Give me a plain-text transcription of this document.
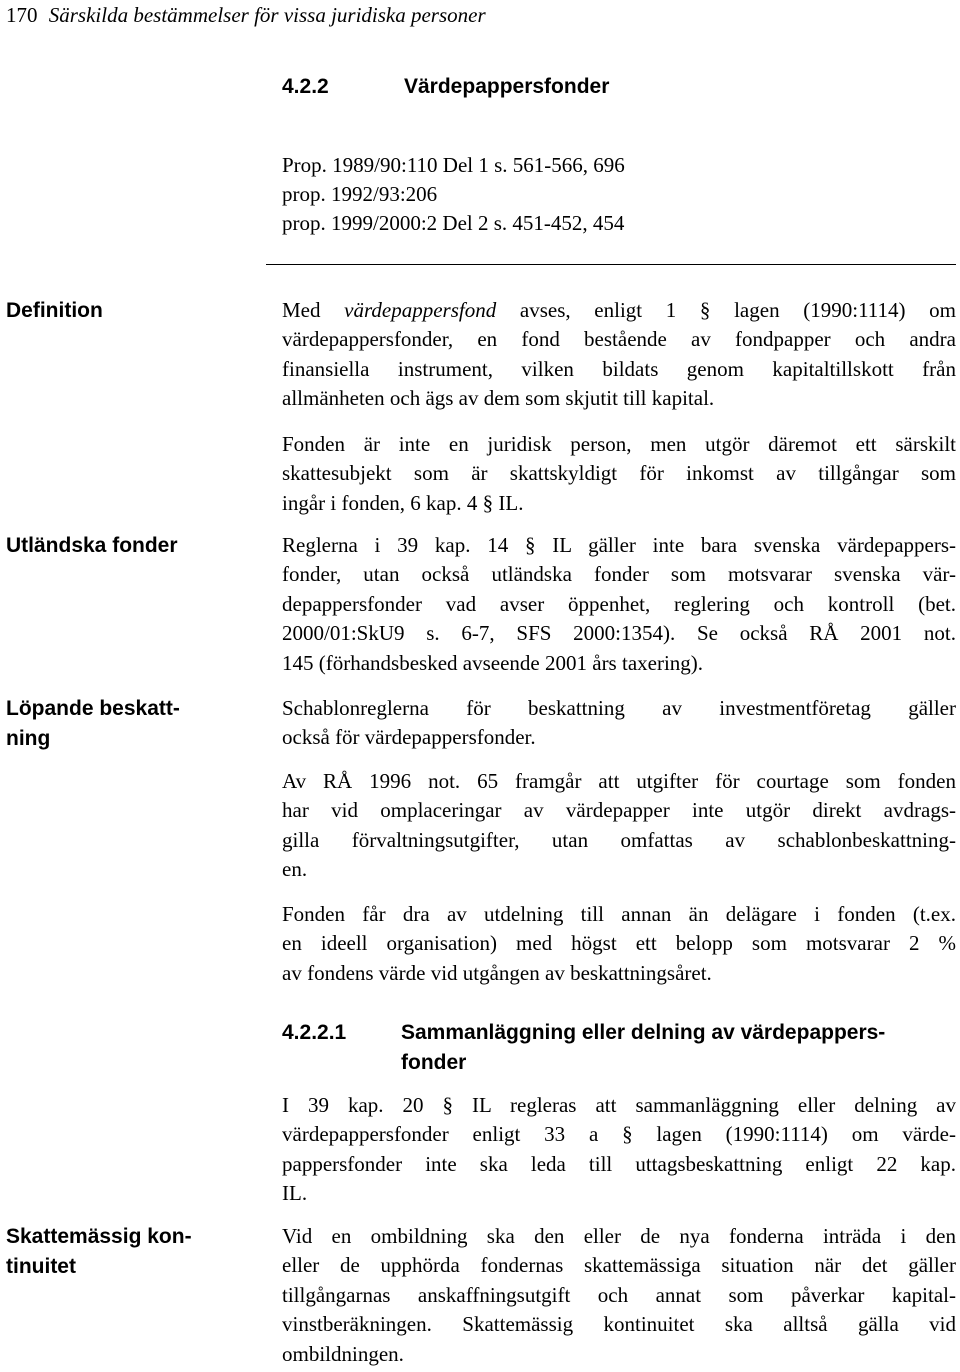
170 Särskilda bestämmelser för vissa juridiska personer
4.2.2	Värdepappersfonder
Prop. 1989/90:110 Del 1 s. 561-566, 696
prop. 1992/93:206
prop. 1999/2000:2 Del 2 s. 451-452, 454
Definition
Utländska fonder
Löpande beskatt-
ning
Skattemässig kon-
tinuitet
Med värdepappersfond avses, enligt 1 § lagen (1990:1114) om
värdepappersfonder, en fond bestående av fondpapper och andra
finansiella instrument, vilken bildats genom kapitaltillskott från
allmänheten och ägs av dem som skjutit till kapital.
Fonden är inte en juridisk person, men utgör däremot ett särskilt
skattesubjekt som är skattskyldigt för inkomst av tillgångar som
ingår i fonden, 6 kap. 4 § IL.
Reglerna i 39 kap. 14 § IL gäller inte bara svenska värdepappers-
fonder, utan också utländska fonder som motsvarar svenska vär-
depappersfonder vad avser öppenhet, reglering och kontroll (bet.
2000/01:SkU9 s. 6-7, SFS 2000:1354). Se också RÅ 2001 not.
145 (förhandsbesked avseende 2001 års taxering).
Schablonreglerna för beskattning av investmentföretag gäller
också för värdepappersfonder.
Av RÅ 1996 not. 65 framgår att utgifter för courtage som fonden
har vid omplaceringar av värdepapper inte utgör direkt avdrags-
gilla förvaltningsutgifter, utan omfattas av schablonbeskattning-
en.
Fonden får dra av utdelning till annan än delägare i fonden (t.ex.
en ideell organisation) med högst ett belopp som motsvarar 2 %
av fondens värde vid utgången av beskattningsåret.
4.2.2.1	Sammanläggning eller delning av värdepappers-
fonder
I 39 kap. 20 § IL regleras att sammanläggning eller delning av
värdepappersfonder enligt 33 a § lagen (1990:1114) om värde-
pappersfonder inte ska leda till uttagsbeskattning enligt 22 kap.
IL.
Vid en ombildning ska den eller de nya fonderna inträda i den
eller de upphörda fondernas skattemässiga situation när det gäller
tillgångarnas anskaffningsutgift och annat som påverkar kapital-
vinstberäkningen. Skattemässig kontinuitet ska alltså gälla vid
ombildningen.
